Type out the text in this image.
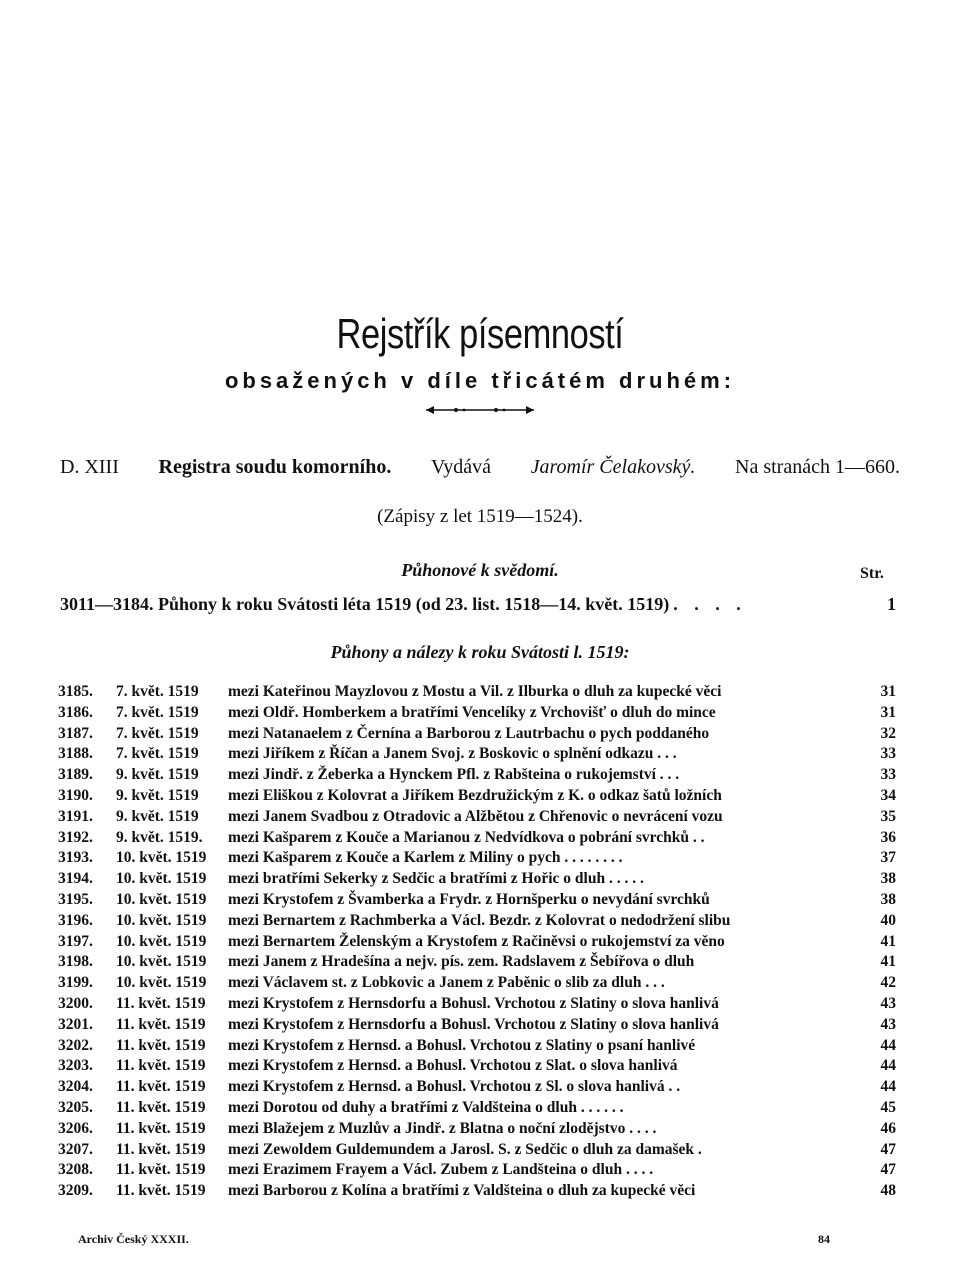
Rejstřík písemností
obsažených v díle třicátém druhém:
D. XIII Registra soudu komorního. Vydává Jaromír Čelakovský. Na stranách 1—660.
(Zápisy z let 1519—1524).
Půhonové k svědomí.	Str.
3011—3184. Půhony k roku Svátosti léta 1519 (od 23. list. 1518—14. květ. 1519) . . . .	1
Půhony a nálezy k roku Svátosti l. 1519:
3185.	7. květ. 1519	mezi Kateřinou Mayzlovou z Mostu a Vil. z Ilburka o dluh za kupecké věci	31
3186.	7. květ. 1519	mezi Oldř. Homberkem a bratřími Vencelíky z Vrchovišť o dluh do mince	31
3187.	7. květ. 1519	mezi Natanaelem z Černína a Barborou z Lautrbachu o pych poddaného	32
3188.	7. květ. 1519	mezi Jiříkem z Říčan a Janem Svoj. z Boskovic o splnění odkazu . . .	33
3189.	9. květ. 1519	mezi Jindř. z Žeberka a Hynckem Pfl. z Rabšteina o rukojemství . . .	33
3190.	9. květ. 1519	mezi Eliškou z Kolovrat a Jiříkem Bezdružickým z K. o odkaz šatů ložních	34
3191.	9. květ. 1519	mezi Janem Svadbou z Otradovic a Alžbětou z Chřenovic o nevrácení vozu	35
3192.	9. květ. 1519.	mezi Kašparem z Kouče a Marianou z Nedvídkova o pobrání svrchků . .	36
3193.	10. květ. 1519	mezi Kašparem z Kouče a Karlem z Miliny o pych . . . . . . . .	37
3194.	10. květ. 1519	mezi bratřími Sekerky z Sedčic a bratřími z Hořic o dluh . . . . .	38
3195.	10. květ. 1519	mezi Krystofem z Švamberka a Frydr. z Hornšperku o nevydání svrchků	38
3196.	10. květ. 1519	mezi Bernartem z Rachmberka a Václ. Bezdr. z Kolovrat o nedodržení slibu	40
3197.	10. květ. 1519	mezi Bernartem Želenským a Krystofem z Račiněvsi o rukojemství za věno	41
3198.	10. květ. 1519	mezi Janem z Hradešína a nejv. pís. zem. Radslavem z Šebířova o dluh	41
3199.	10. květ. 1519	mezi Václavem st. z Lobkovic a Janem z Paběnic o slib za dluh . . .	42
3200.	11. květ. 1519	mezi Krystofem z Hernsdorfu a Bohusl. Vrchotou z Slatiny o slova hanlivá	43
3201.	11. květ. 1519	mezi Krystofem z Hernsdorfu a Bohusl. Vrchotou z Slatiny o slova hanlivá	43
3202.	11. květ. 1519	mezi Krystofem z Hernsd. a Bohusl. Vrchotou z Slatiny o psaní hanlivé	44
3203.	11. květ. 1519	mezi Krystofem z Hernsd. a Bohusl. Vrchotou z Slat. o slova hanlivá	44
3204.	11. květ. 1519	mezi Krystofem z Hernsd. a Bohusl. Vrchotou z Sl. o slova hanlivá . .	44
3205.	11. květ. 1519	mezi Dorotou od duhy a bratřími z Valdšteina o dluh . . . . . .	45
3206.	11. květ. 1519	mezi Blažejem z Muzlův a Jindř. z Blatna o noční zlodějstvo . . . .	46
3207.	11. květ. 1519	mezi Zewoldem Guldemundem a Jarosl. S. z Sedčic o dluh za damašek .	47
3208.	11. květ. 1519	mezi Erazimem Frayem a Václ. Zubem z Landšteina o dluh . . . .	47
3209.	11. květ. 1519	mezi Barborou z Kolína a bratřími z Valdšteina o dluh za kupecké věci	48
Archiv Český XXXII.	84
